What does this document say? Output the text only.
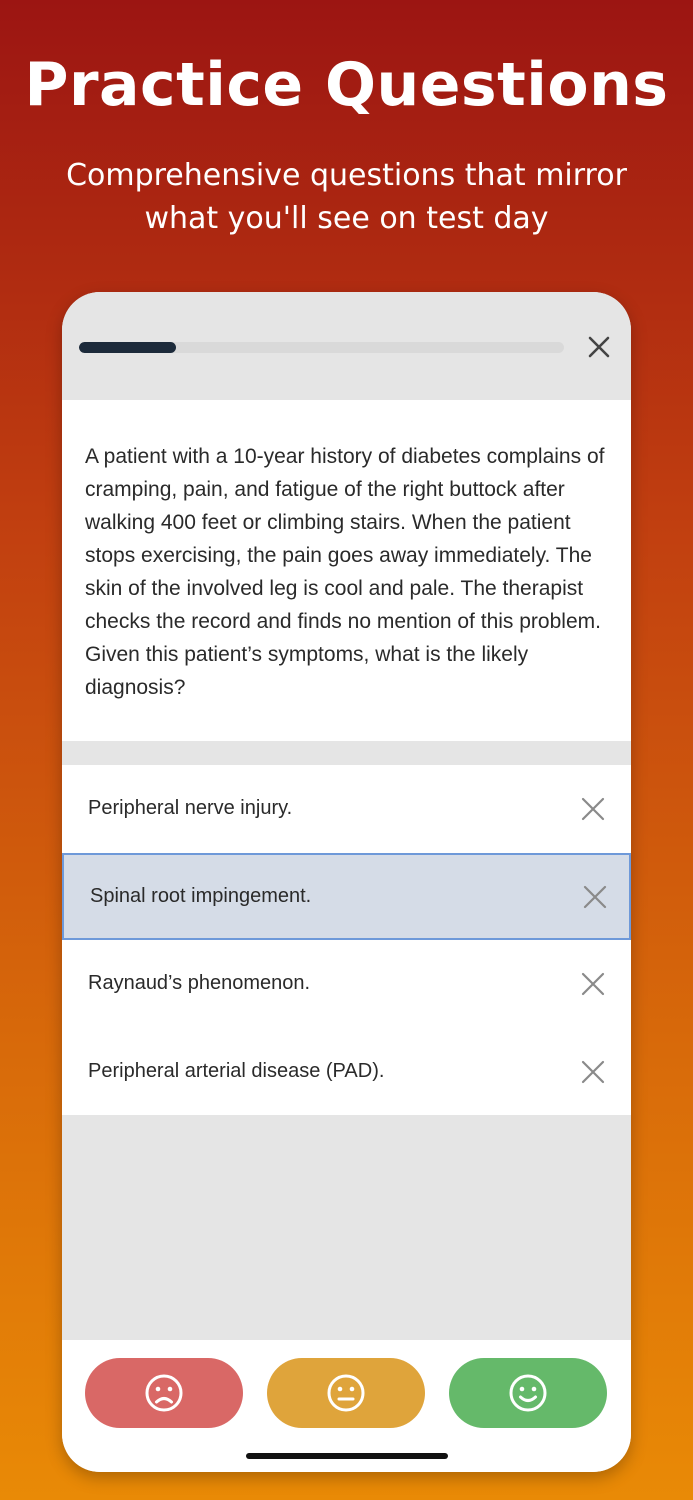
Practice Questions
Comprehensive questions that mirror what you'll see on test day
A patient with a 10-year history of diabetes complains of cramping, pain, and fatigue of the right buttock after walking 400 feet or climbing stairs. When the patient stops exercising, the pain goes away immediately. The skin of the involved leg is cool and pale. The therapist checks the record and finds no mention of this problem. Given this patient’s symptoms, what is the likely diagnosis?
Peripheral nerve injury.
Spinal root impingement.
Raynaud’s phenomenon.
Peripheral arterial disease (PAD).
